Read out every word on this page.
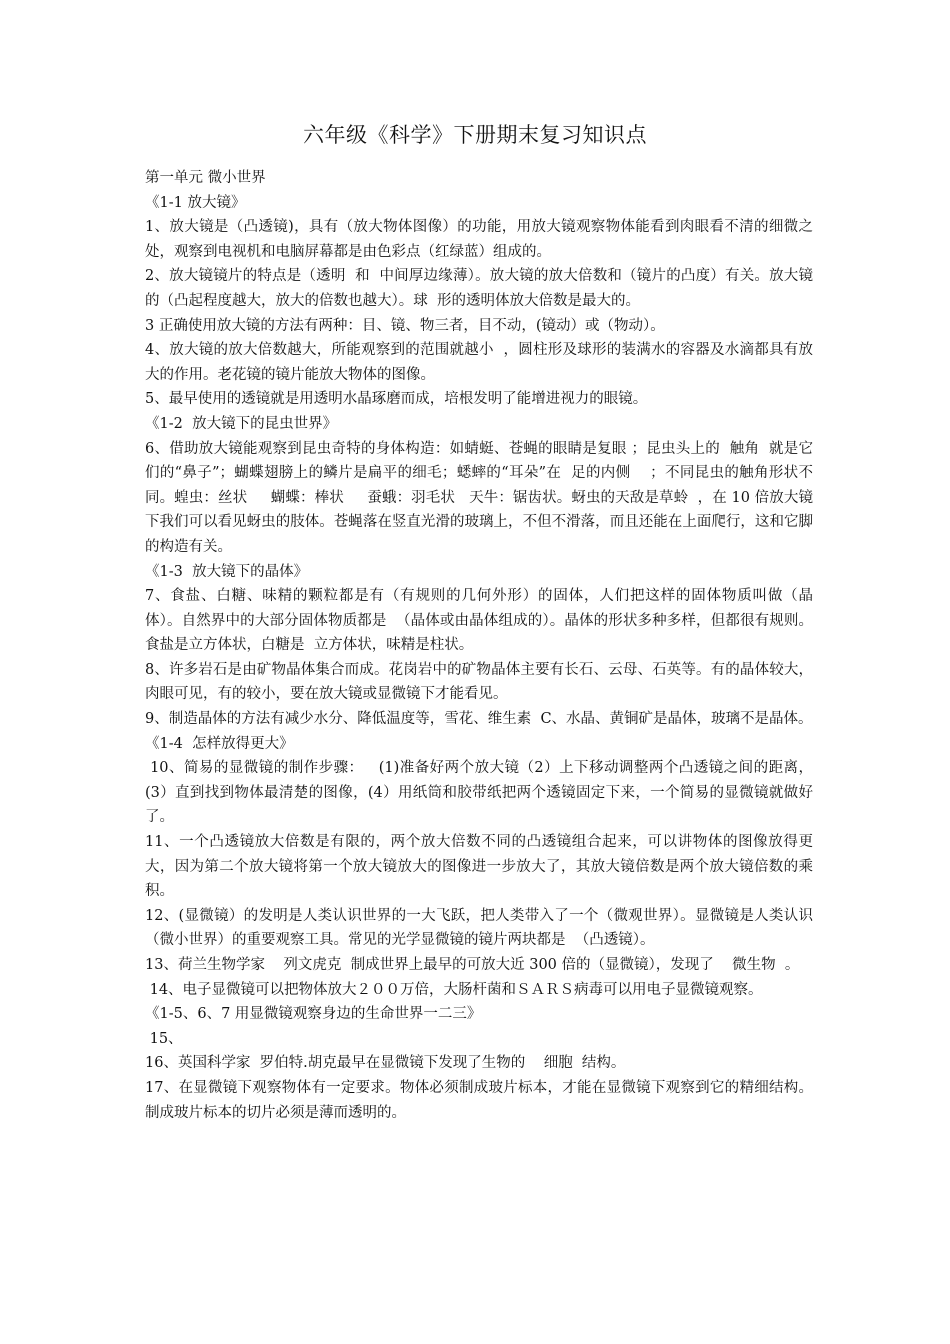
六年级《科学》下册期末复习知识点

第一单元 微小世界

《1-1 放大镜》

1、放大镜是（凸透镜)，具有（放大物体图像）的功能，用放大镜观察物体能看到肉眼看不清的细微之处，观察到电视机和电脑屏幕都是由色彩点（红绿蓝）组成的。

2、放大镜镜片的特点是（透明  和  中间厚边缘薄）。放大镜的放大倍数和（镜片的凸度）有关。放大镜的（凸起程度越大，放大的倍数也越大）。球  形的透明体放大倍数是最大的。

3 正确使用放大镜的方法有两种：目、镜、物三者，目不动，(镜动）或（物动）。

4、放大镜的放大倍数越大，所能观察到的范围就越小  ，圆柱形及球形的装满水的容器及水滴都具有放大的作用。老花镜的镜片能放大物体的图像。

5、最早使用的透镜就是用透明水晶琢磨而成，培根发明了能增进视力的眼镜。

《1-2  放大镜下的昆虫世界》

6、借助放大镜能观察到昆虫奇特的身体构造：如蜻蜓、苍蝇的眼睛是复眼 ；昆虫头上的  触角  就是它们的“鼻子”；蝴蝶翅膀上的鳞片是扁平的细毛；蟋蟀的“耳朵”在  足的内侧    ；不同昆虫的触角形状不同。蝗虫：丝状     蝴蝶：棒状     蚕蛾：羽毛状   天牛：锯齿状。蚜虫的天敌是草蛉  ，在 10 倍放大镜下我们可以看见蚜虫的肢体。苍蝇落在竖直光滑的玻璃上，不但不滑落，而且还能在上面爬行，这和它脚的构造有关。

《1-3  放大镜下的晶体》

7、食盐、白糖、味精的颗粒都是有（有规则的几何外形）的固体，人们把这样的固体物质叫做（晶体）。自然界中的大部分固体物质都是  （晶体或由晶体组成的）。晶体的形状多种多样，但都很有规则。食盐是立方体状，白糖是  立方体状，味精是柱状。

8、许多岩石是由矿物晶体集合而成。花岗岩中的矿物晶体主要有长石、云母、石英等。有的晶体较大，肉眼可见，有的较小，要在放大镜或显微镜下才能看见。

9、制造晶体的方法有减少水分、降低温度等，雪花、维生素  C、水晶、黄铜矿是晶体，玻璃不是晶体。

《1-4  怎样放得更大》

10、简易的显微镜的制作步骤：   (1)准备好两个放大镜（2）上下移动调整两个凸透镜之间的距离，(3）直到找到物体最清楚的图像，(4）用纸筒和胶带纸把两个透镜固定下来，一个简易的显微镜就做好了。

11、一个凸透镜放大倍数是有限的，两个放大倍数不同的凸透镜组合起来，可以讲物体的图像放得更大，因为第二个放大镜将第一个放大镜放大的图像进一步放大了，其放大镜倍数是两个放大镜倍数的乘积。

12、(显微镜）的发明是人类认识世界的一大飞跃，把人类带入了一个（微观世界）。显微镜是人类认识（微小世界）的重要观察工具。常见的光学显微镜的镜片两块都是  （凸透镜）。

13、荷兰生物学家    列文虎克  制成世界上最早的可放大近 300 倍的（显微镜），发现了    微生物  。

14、电子显微镜可以把物体放大２００万倍，大肠杆菌和ＳＡＲＳ病毒可以用电子显微镜观察。

《1-5、6、7 用显微镜观察身边的生命世界一二三》

15、

16、英国科学家  罗伯特.胡克最早在显微镜下发现了生物的    细胞  结构。

17、在显微镜下观察物体有一定要求。物体必须制成玻片标本，才能在显微镜下观察到它的精细结构。制成玻片标本的切片必须是薄而透明的。
